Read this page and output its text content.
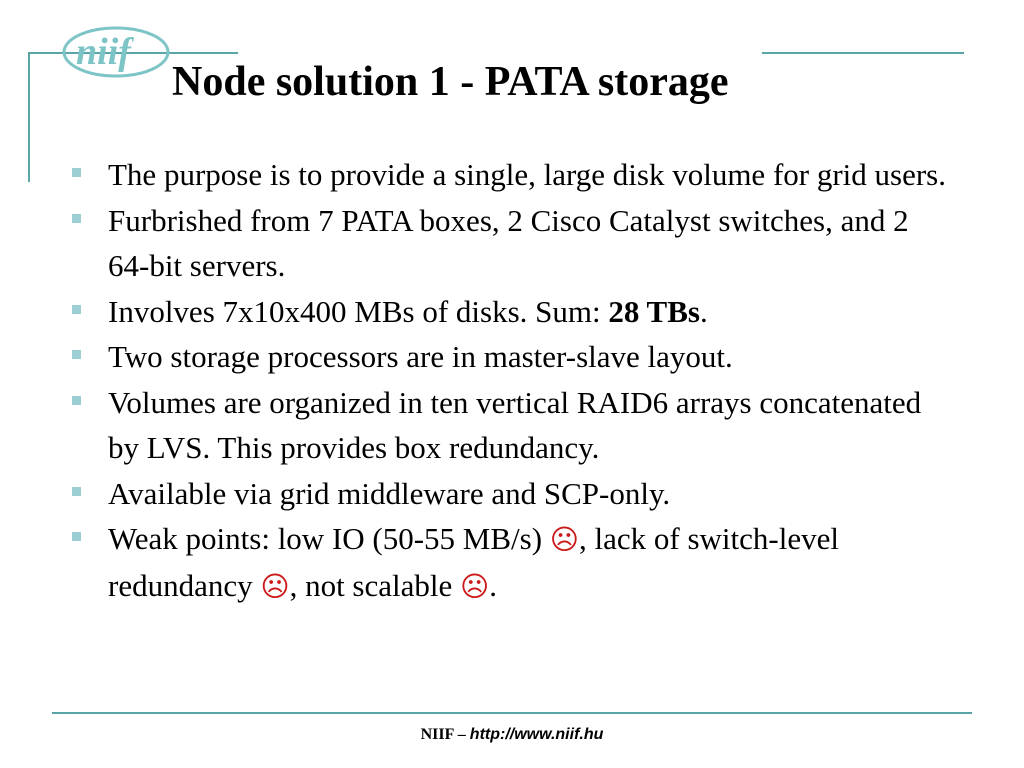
niif
Node solution 1 - PATA storage
The purpose is to provide a single, large disk volume for grid users.
Furbrished from 7 PATA boxes, 2 Cisco Catalyst switches, and 2 64-bit servers.
Involves 7x10x400 MBs of disks. Sum: 28 TBs.
Two storage processors are in master-slave layout.
Volumes are organized in ten vertical RAID6 arrays concatenated by LVS. This provides box redundancy.
Available via grid middleware and SCP-only.
Weak points: low IO (50-55 MB/s) ☹, lack of switch-level redundancy ☹, not scalable ☹.
NIIF – http://www.niif.hu
